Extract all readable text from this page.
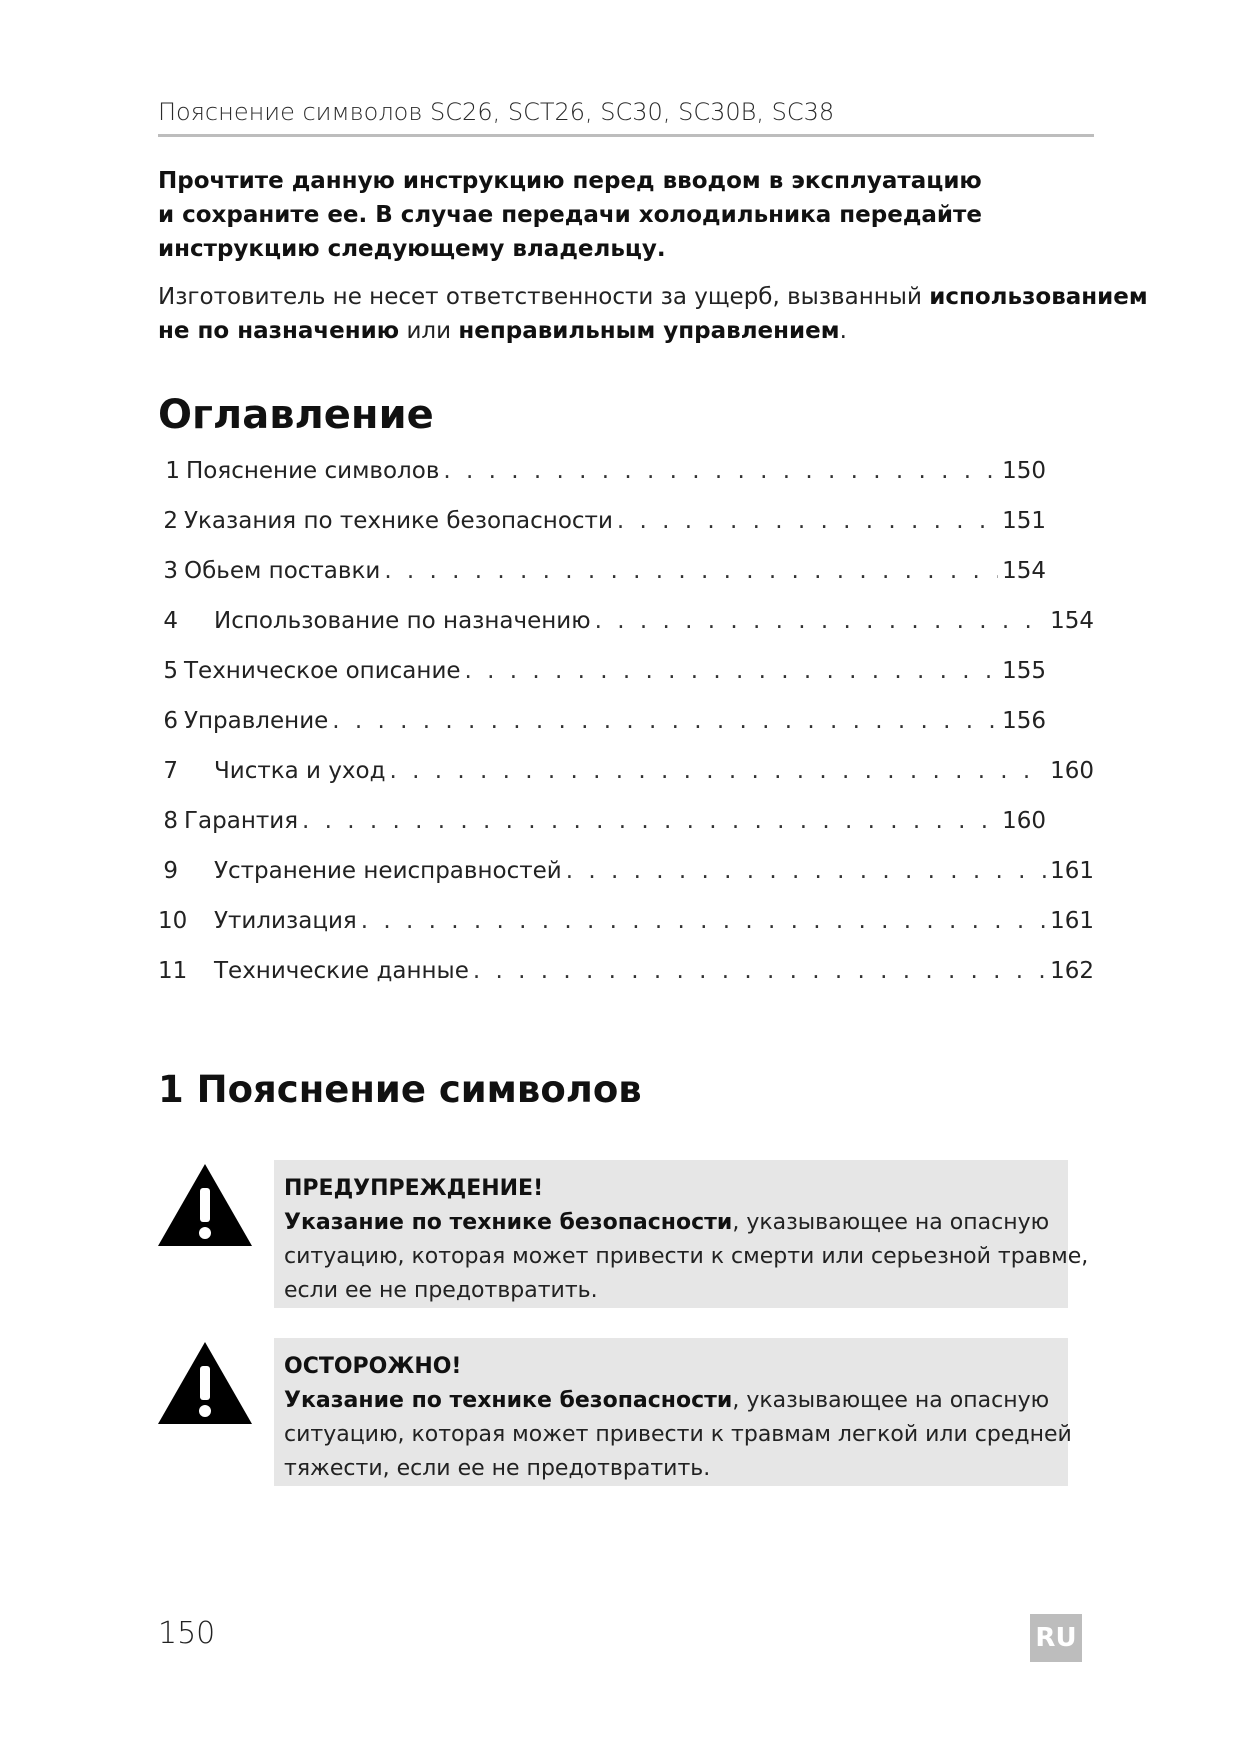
Пояснение символов SC26, SCT26, SC30, SC30B, SC38
Прочтите данную инструкцию перед вводом в эксплуатацию
и сохраните ее. В случае передачи холодильника передайте
инструкцию следующему владельцу.
Изготовитель не несет ответственности за ущерб, вызванный использованием
не по назначению или неправильным управлением.
Оглавление
1 Пояснение символов . . .	150
2 Указания по технике безопасности . . .	151
3 Обьем поставки . . .	154
4	Использование по назначению . . .	154
5 Техническое описание . . .	155
6 Управление . . .	156
7	Чистка и уход . . .	160
8 Гарантия . . .	160
9	Устранение неисправностей . . .	161
10	Утилизация . . .	161
11	Технические данные . . .	162
1 Пояснение символов
ПРЕДУПРЕЖДЕНИЕ!
Указание по технике безопасности, указывающее на опасную
ситуацию, которая может привести к смерти или серьезной травме,
если ее не предотвратить.
ОСТОРОЖНО!
Указание по технике безопасности, указывающее на опасную
ситуацию, которая может привести к травмам легкой или средней
тяжести, если ее не предотвратить.
150	RU
